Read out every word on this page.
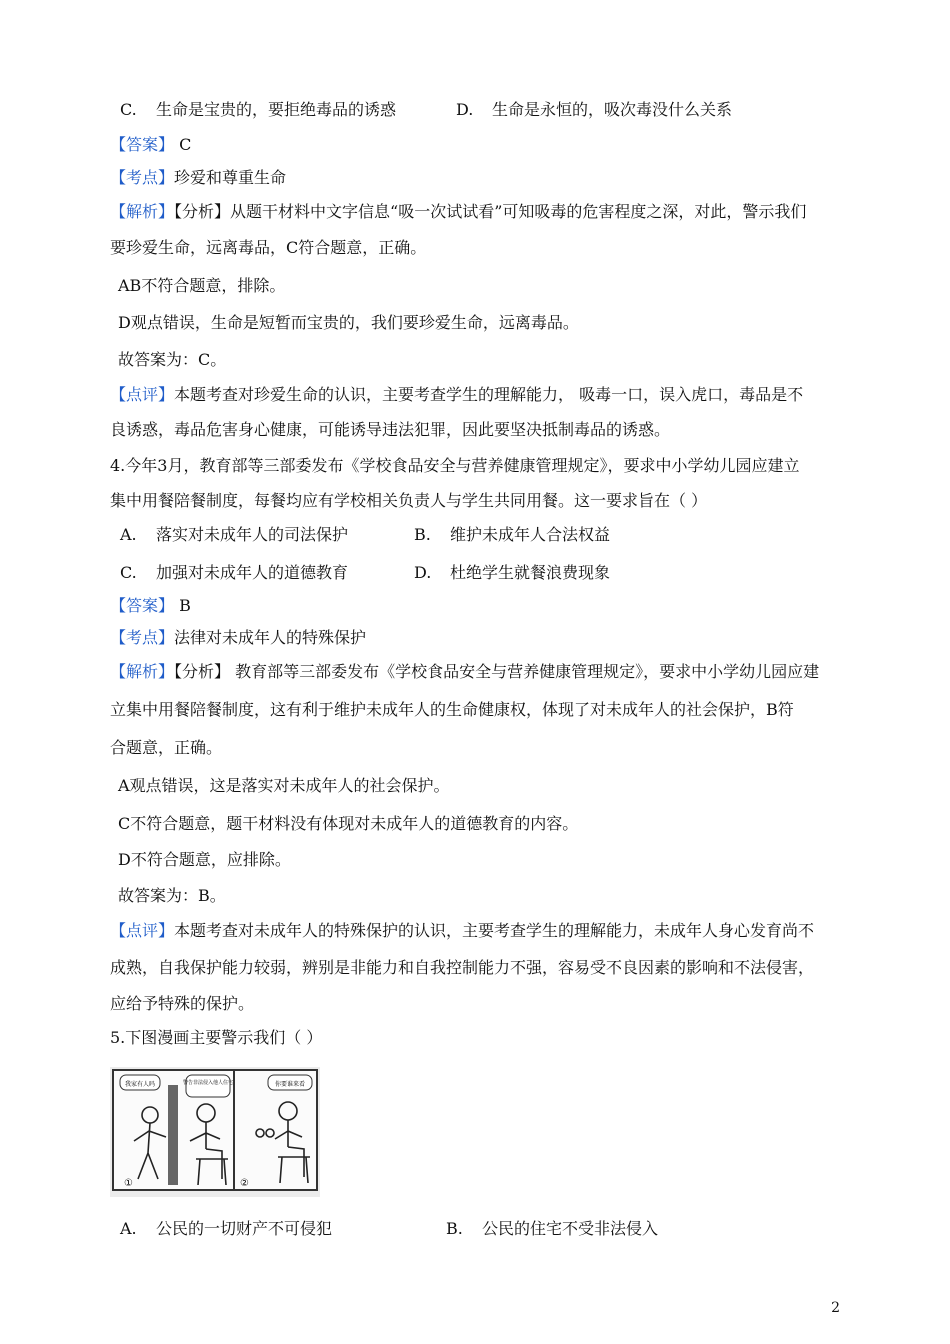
C. 生命是宝贵的，要拒绝毒品的诱惑	D. 生命是永恒的，吸次毒没什么关系
【答案】 C
【考点】珍爱和尊重生命
【解析】【分析】从题干材料中文字信息“吸一次试试看”可知吸毒的危害程度之深，对此，警示我们
要珍爱生命，远离毒品，C符合题意，正确。
AB不符合题意，排除。
D观点错误，生命是短暂而宝贵的，我们要珍爱生命，远离毒品。
故答案为：C。
【点评】本题考查对珍爱生命的认识，主要考查学生的理解能力， 吸毒一口，误入虎口，毒品是不
良诱惑，毒品危害身心健康，可能诱导违法犯罪，因此要坚决抵制毒品的诱惑。
4.今年3月，教育部等三部委发布《学校食品安全与营养健康管理规定》，要求中小学幼儿园应建立
集中用餐陪餐制度，每餐均应有学校相关负责人与学生共同用餐。这一要求旨在（ ）
A. 落实对未成年人的司法保护	B. 维护未成年人合法权益
C. 加强对未成年人的道德教育	D. 杜绝学生就餐浪费现象
【答案】 B
【考点】法律对未成年人的特殊保护
【解析】【分析】 教育部等三部委发布《学校食品安全与营养健康管理规定》，要求中小学幼儿园应建
立集中用餐陪餐制度，这有利于维护未成年人的生命健康权，体现了对未成年人的社会保护，B符
合题意，正确。
A观点错误，这是落实对未成年人的社会保护。
C不符合题意，题干材料没有体现对未成年人的道德教育的内容。
D不符合题意，应排除。
故答案为：B。
【点评】本题考查对未成年人的特殊保护的认识，主要考查学生的理解能力，未成年人身心发育尚不
成熟，自我保护能力较弱，辨别是非能力和自我控制能力不强，容易受不良因素的影响和不法侵害，
应给予特殊的保护。
5.下图漫画主要警示我们（ ）
我家有人吗	警告非法侵入他人住宅
①
你要谁来看
②
A. 公民的一切财产不可侵犯	B. 公民的住宅不受非法侵入
2
